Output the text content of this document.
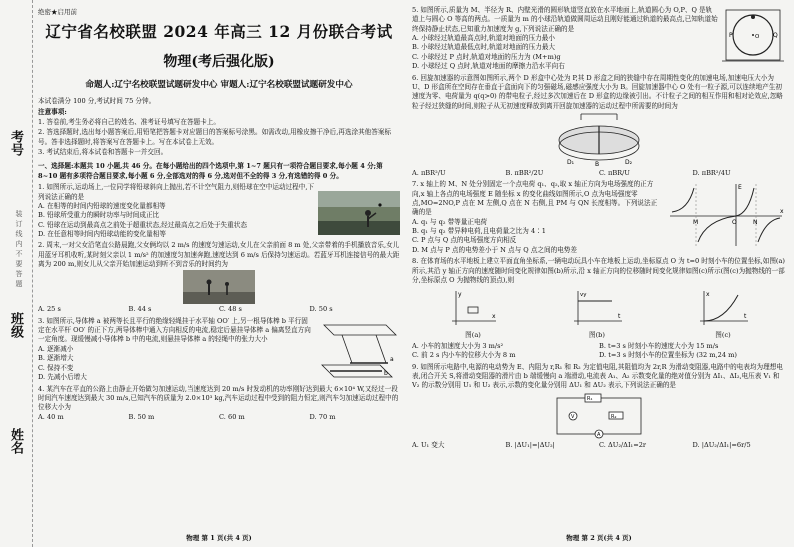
考号
班级
姓名
装订线内不要答题
绝密★启用前
辽宁省名校联盟 2024 年高三 12 月份联合考试
物理(考后强化版)
命题人:辽宁名校联盟试题研发中心 审题人:辽宁名校联盟试题研发中心
本试卷满分 100 分,考试时间 75 分钟。
注意事项:
1. 答卷前,考生务必将自己的姓名、准考证号填写在答题卡上。
2. 答选择题时,选出每小题答案后,用铅笔把答题卡对应题目的答案标号涂黑。如需改动,用橡皮擦干净后,再选涂其他答案标号。答非选择题时,将答案写在答题卡上。写在本试卷上无效。
3. 考试结束后,将本试卷和答题卡一并交回。
一、选择题:本题共 10 小题,共 46 分。在每小题给出的四个选项中,第 1~7 题只有一项符合题目要求,每小题 4 分;第 8~10 题有多项符合题目要求,每小题 6 分,全部选对的得 6 分,选对但不全的得 3 分,有选错的得 0 分。
1. 如图所示,运动场上,一位同学将铅球斜向上抛出,若不计空气阻力,则铅球在空中运动过程中,下列说法正确的是
A. 在相等的时间内铅球的速度变化量都相等
B. 铅球所受重力的瞬时功率与时间成正比
C. 铅球在运动到最高点之前处于超重状态,经过最高点之后处于失重状态
D. 在任意相等时间内铅球动能的变化量相等
2. 周末,一对父女沿笔直公路晨跑,父女俩均以 2 m/s 的速度匀速运动,女儿在父亲前面 8 m 处,父亲带着的手机播放音乐,女儿用蓝牙耳机收听,某时刻父亲以 1 m/s² 的加速度匀加速奔跑,速度达到 6 m/s 后保持匀速运动。若蓝牙耳机连接信号的最大距离为 200 m,则女儿从父亲开始加速运动到听不到音乐的时间约为
A. 25 s	B. 44 s	C. 48 s	D. 50 s
3. 如图所示,导体棒 a 被两等长且平行的绝缘轻绳挂于水平轴 OO′ 上,另一根导体棒 b 平行固定在水平杆 OO′ 的正下方,两导体棒中通入方向相反的电流,稳定后悬挂导体棒 a 偏离竖直方向一定角度。现缓慢减小导体棒 b 中的电流,则悬挂导体棒 a 的轻绳中的张力大小
A. 逐渐减小
B. 逐渐增大
C. 保持不变
D. 先减小后增大
a
b
4. 某汽车在平直的公路上由静止开始做匀加速运动,当速度达到 20 m/s 时发动机的功率刚好达到最大 6×10⁴ W,又经过一段时间汽车速度达到最大 30 m/s,已知汽车的质量为 2.0×10³ kg,汽车运动过程中受到的阻力恒定,则汽车匀加速运动过程中的位移大小为
A. 40 m	B. 50 m	C. 60 m	D. 70 m
物理 第 1 页(共 4 页)
5. 如图所示,质量为 M、半径为 R、内壁光滑的圆形轨道竖直放在水平地面上,轨道圆心为 O,P、Q 是轨道上与圆心 O 等高的两点。一质量为 m 的小球沿轨道做圆周运动且刚好能通过轨道的最高点,已知轨道始终保持静止状态,已知重力加速度为 g,下列说法正确的是
A. 小球经过轨道最高点时,轨道对地面的压力最小
B. 小球经过轨道最低点时,轨道对地面的压力最大
C. 小球经过 P 点时,轨道对地面的压力为 (M+m)g
D. 小球经过 Q 点时,轨道对地面的摩擦力沿水平向右
P	Q
O
6. 回旋加速器的示意图如图所示,两个 D 形盒中心处为 P,其 D 形盒之间的狭缝中存在周期性变化的加速电场,加速电压大小为 U、D 形盒所在空间存在垂直于盒面向下的匀强磁场,磁感应强度大小为 B。回旋加速器中心 O 处有一粒子源,可以连续地产生初速度为零、电荷量为 q(q>0) 的带电粒子,经过多次加速后在 D 形盒的边缘被引出。不计粒子之间的相互作用和相对论效应,忽略粒子经过狭缝的时间,则粒子从无初速度释放到离开回旋加速器的运动过程中所需要的时间为
B
D₁	D₂
A. πBR²/U	B. πBR²/2U	C. πBR/U	D. πBR²/4U
7. x 轴上的 M、N 处分别固定一个点电荷 q₁、q₂,取 x 轴正方向为电场强度的正方向,x 轴上各点的电场强度 E 随坐标 x 的变化曲线如图所示,O 点为电场强度零点,MO=2NO,P 点在 M 左侧,Q 点在 N 右侧,且 PM 与 QN 长度相等。下列说法正确的是
A. q₁ 与 q₂ 带等量正电荷
B. q₁ 与 q₂ 带异种电荷,且电荷量之比为 4∶1
C. P 点与 Q 点的电场强度方向相反
D. M 点与 P 点的电势差小于 N 点与 Q 点之间的电势差
x
E
M	O	N
8. 在体育场的水平地板上建立平面直角坐标系,一辆电动玩具小车在地板上运动,坐标原点 O 为 t=0 时刻小车的位置坐标,如图(a)所示,其沿 y 轴正方向的速度随时间变化规律如图(b)所示,沿 x 轴正方向的位移随时间变化规律如图(c)所示(图(c)为抛物线的一部分,坐标原点 O 为抛物线的顶点),则
x
y
图(a)
t
vy
图(b)
t
x
图(c)
A. 小车的加速度大小为 3 m/s²	B. t=3 s 时刻小车的速度大小为 15 m/s
C. 前 2 s 内小车的位移大小为 8 m	D. t=3 s 时刻小车的位置坐标为 (32 m,24 m)
9. 如图所示电路中,电源的电动势为 E、内阻为 r,R₁ 和 R₂ 为定值电阻,其阻值均为 2r,R 为滑动变阻器,电路中的电表均为理想电表,闭合开关 S,将滑动变阻器的滑片由 b 端缓慢向 a 端滑动,电流表 A₁、A₂ 示数变化量的绝对值分别为 ΔI₁、ΔI₂,电压表 V₁ 和 V₂ 的示数分别用 U₁ 和 U₂ 表示,示数的变化量分别用 ΔU₁ 和 ΔU₂ 表示,下列说法正确的是
V
A
R₁
R₂
A. U₁ 变大	B. |ΔU₁|=|ΔU₂|	C. ΔU₂/ΔI₁=2r	D. |ΔU₂/ΔI₁|=6r/5
物理 第 2 页(共 4 页)
